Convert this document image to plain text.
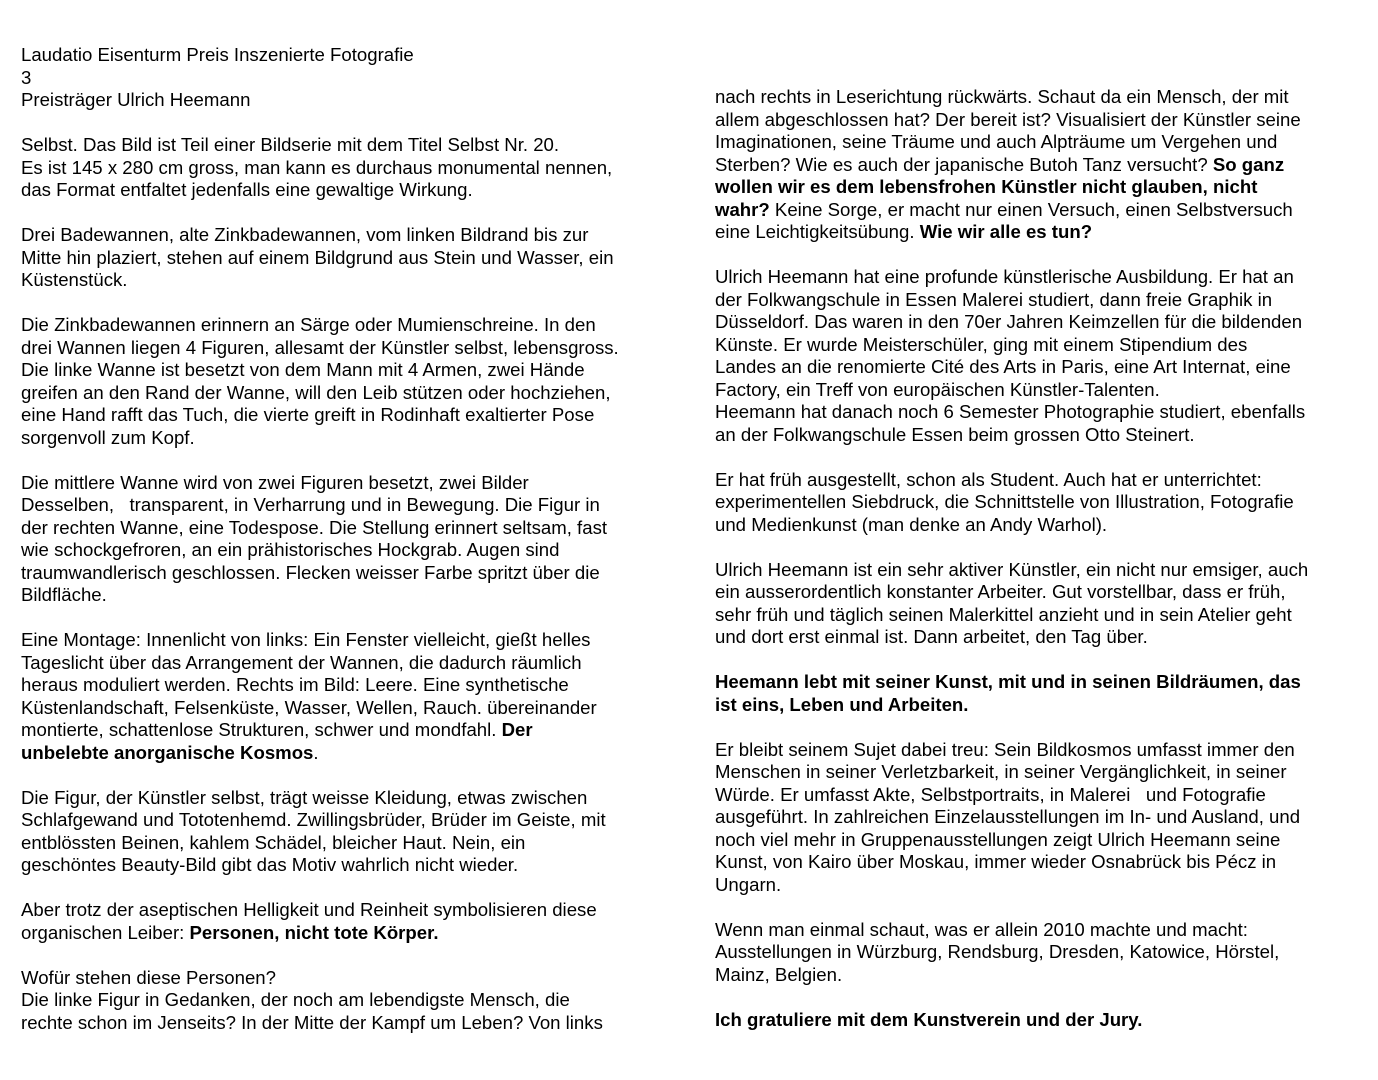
Laudatio Eisenturm Preis Inszenierte Fotografie
3
Preisträger Ulrich Heemann
Selbst. Das Bild ist Teil einer Bildserie mit dem Titel Selbst Nr. 20.
Es ist 145 x 280 cm gross, man kann es durchaus monumental nennen,
das Format entfaltet jedenfalls eine gewaltige Wirkung.
Drei Badewannen, alte Zinkbadewannen, vom linken Bildrand bis zur
Mitte hin plaziert, stehen auf einem Bildgrund aus Stein und Wasser, ein
Küstenstück.
Die Zinkbadewannen erinnern an Särge oder Mumienschreine. In den
drei Wannen liegen 4 Figuren, allesamt der Künstler selbst, lebensgross.
Die linke Wanne ist besetzt von dem Mann mit 4 Armen, zwei Hände
greifen an den Rand der Wanne, will den Leib stützen oder hochziehen,
eine Hand rafft das Tuch, die vierte greift in Rodinhaft exaltierter Pose
sorgenvoll zum Kopf.
Die mittlere Wanne wird von zwei Figuren besetzt, zwei Bilder
Desselben,   transparent, in Verharrung und in Bewegung. Die Figur in
der rechten Wanne, eine Todespose. Die Stellung erinnert seltsam, fast
wie schockgefroren, an ein prähistorisches Hockgrab. Augen sind
traumwandlerisch geschlossen. Flecken weisser Farbe spritzt über die
Bildfläche.
Eine Montage: Innenlicht von links: Ein Fenster vielleicht, gießt helles
Tageslicht über das Arrangement der Wannen, die dadurch räumlich
heraus moduliert werden. Rechts im Bild: Leere. Eine synthetische
Küstenlandschaft, Felsenküste, Wasser, Wellen, Rauch. übereinander
montierte, schattenlose Strukturen, schwer und mondfahl. Der
unbelebte anorganische Kosmos.
Die Figur, der Künstler selbst, trägt weisse Kleidung, etwas zwischen
Schlafgewand und Tototenhemd. Zwillingsbrüder, Brüder im Geiste, mit
entblössten Beinen, kahlem Schädel, bleicher Haut. Nein, ein
geschöntes Beauty-Bild gibt das Motiv wahrlich nicht wieder.
Aber trotz der aseptischen Helligkeit und Reinheit symbolisieren diese
organischen Leiber: Personen, nicht tote Körper.
Wofür stehen diese Personen?
Die linke Figur in Gedanken, der noch am lebendigste Mensch, die
rechte schon im Jenseits? In der Mitte der Kampf um Leben? Von links
nach rechts in Leserichtung rückwärts. Schaut da ein Mensch, der mit
allem abgeschlossen hat? Der bereit ist? Visualisiert der Künstler seine
Imaginationen, seine Träume und auch Alpträume um Vergehen und
Sterben? Wie es auch der japanische Butoh Tanz versucht? So ganz
wollen wir es dem lebensfrohen Künstler nicht glauben, nicht
wahr? Keine Sorge, er macht nur einen Versuch, einen Selbstversuch
eine Leichtigkeitsübung. Wie wir alle es tun?
Ulrich Heemann hat eine profunde künstlerische Ausbildung. Er hat an
der Folkwangschule in Essen Malerei studiert, dann freie Graphik in
Düsseldorf. Das waren in den 70er Jahren Keimzellen für die bildenden
Künste. Er wurde Meisterschüler, ging mit einem Stipendium des
Landes an die renomierte Cité des Arts in Paris, eine Art Internat, eine
Factory, ein Treff von europäischen Künstler-Talenten.
Heemann hat danach noch 6 Semester Photographie studiert, ebenfalls
an der Folkwangschule Essen beim grossen Otto Steinert.
Er hat früh ausgestellt, schon als Student. Auch hat er unterrichtet:
experimentellen Siebdruck, die Schnittstelle von Illustration, Fotografie
und Medienkunst (man denke an Andy Warhol).
Ulrich Heemann ist ein sehr aktiver Künstler, ein nicht nur emsiger, auch
ein ausserordentlich konstanter Arbeiter. Gut vorstellbar, dass er früh,
sehr früh und täglich seinen Malerkittel anzieht und in sein Atelier geht
und dort erst einmal ist. Dann arbeitet, den Tag über.
Heemann lebt mit seiner Kunst, mit und in seinen Bildräumen, das
ist eins, Leben und Arbeiten.
Er bleibt seinem Sujet dabei treu: Sein Bildkosmos umfasst immer den
Menschen in seiner Verletzbarkeit, in seiner Vergänglichkeit, in seiner
Würde. Er umfasst Akte, Selbstportraits, in Malerei   und Fotografie
ausgeführt. In zahlreichen Einzelausstellungen im In- und Ausland, und
noch viel mehr in Gruppenausstellungen zeigt Ulrich Heemann seine
Kunst, von Kairo über Moskau, immer wieder Osnabrück bis Pécz in
Ungarn.
Wenn man einmal schaut, was er allein 2010 machte und macht:
Ausstellungen in Würzburg, Rendsburg, Dresden, Katowice, Hörstel,
Mainz, Belgien.
Ich gratuliere mit dem Kunstverein und der Jury.
